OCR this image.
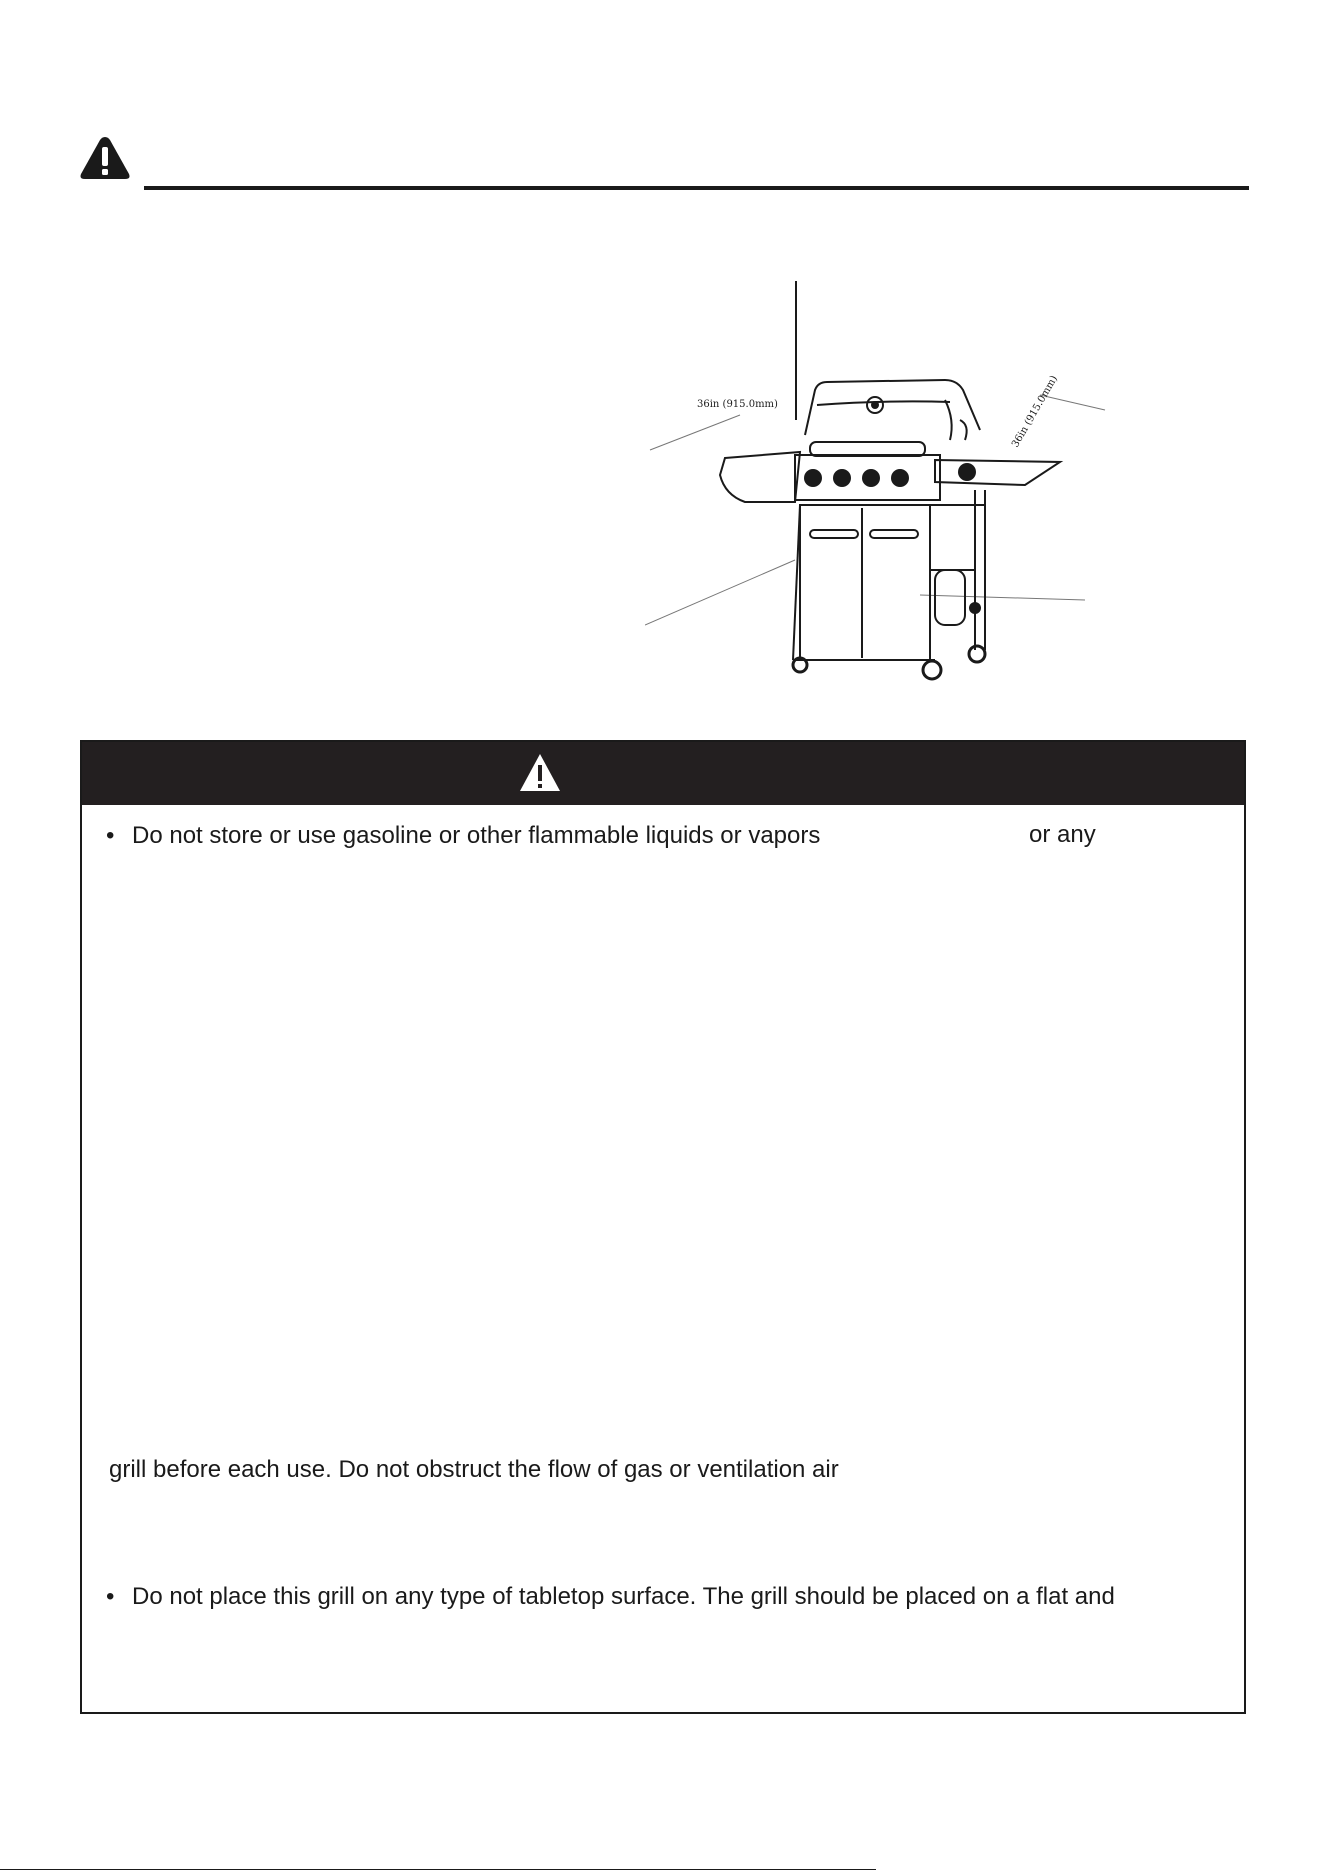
36in (915.0mm)	36in (915.0mm)
• Do not store or use gasoline or other flammable liquids or vapors	or any
grill before each use. Do not obstruct the flow of gas or ventilation air
• Do not place this grill on any type of tabletop surface. The grill should be placed on a flat and
